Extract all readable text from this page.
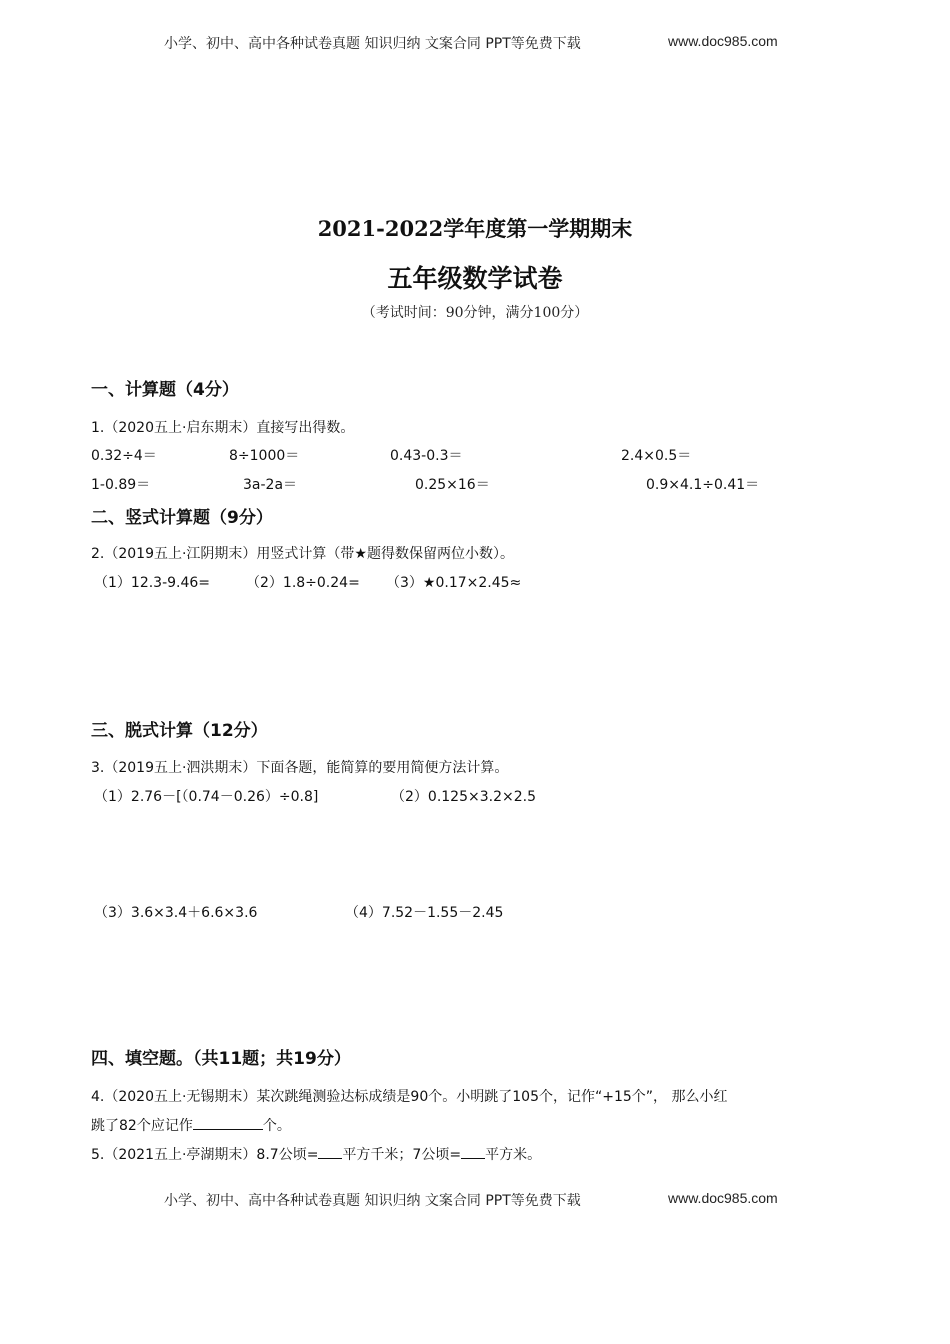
小学、初中、高中各种试卷真题 知识归纳 文案合同 PPT等免费下载	www.doc985.com
2021-2022学年度第一学期期末
五年级数学试卷
（考试时间：90分钟，满分100分）
一、计算题（4分）
1.（2020五上·启东期末）直接写出得数。
0.32÷4＝	8÷1000＝	0.43-0.3＝	2.4×0.5＝
1-0.89＝	3a-2a＝	0.25×16＝	0.9×4.1÷0.41＝
二、竖式计算题（9分）
2.（2019五上·江阴期末）用竖式计算（带★题得数保留两位小数）。
（1）12.3-9.46=	（2）1.8÷0.24= （3）★0.17×2.45≈
三、脱式计算（12分）
3.（2019五上·泗洪期末）下面各题，能简算的要用简便方法计算。
（1）2.76－[（0.74－0.26）÷0.8]	（2）0.125×3.2×2.5
（3）3.6×3.4＋6.6×3.6	（4）7.52－1.55－2.45
四、填空题。（共11题；共19分）
4.（2020五上·无锡期末）某次跳绳测验达标成绩是90个。小明跳了105个，记作“+15个”， 那么小红
跳了82个应记作	个。
5.（2021五上·亭湖期末）8.7公顷= 平方千米；7公顷= 平方米。
小学、初中、高中各种试卷真题 知识归纳 文案合同 PPT等免费下载	www.doc985.com
